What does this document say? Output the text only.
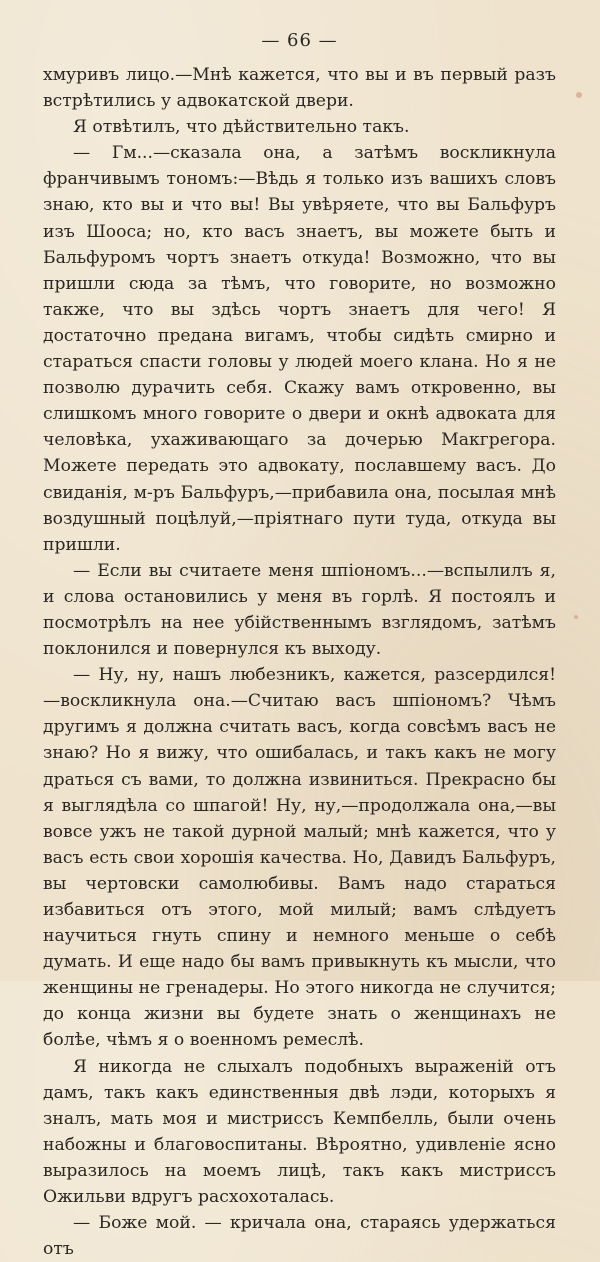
— 66 —

хмуривъ лицо.—Мнѣ кажется, что вы и въ первый разъ встрѣтились у адвокатской двери.

Я отвѣтилъ, что дѣйствительно такъ.

— Гм...—сказала она, а затѣмъ воскликнула франчивымъ тономъ:—Вѣдь я только изъ вашихъ словъ знаю, кто вы и что вы! Вы увѣряете, что вы Бальфуръ изъ Шооса; но, кто васъ знаетъ, вы можете быть и Бальфуромъ чортъ знаетъ откуда! Возможно, что вы пришли сюда за тѣмъ, что говорите, но возможно также, что вы здѣсь чортъ знаетъ для чего! Я достаточно предана вигамъ, чтобы сидѣть смирно и стараться спасти головы у людей моего клана. Но я не позволю дурачить себя. Скажу вамъ откровенно, вы слишкомъ много говорите о двери и окнѣ адвоката для человѣка, ухаживающаго за дочерью Макгрегора. Можете передать это адвокату, пославшему васъ. До свиданія, м-ръ Бальфуръ,—прибавила она, посылая мнѣ воздушный поцѣлуй,—пріятнаго пути туда, откуда вы пришли.

— Если вы считаете меня шпіономъ...—вспылилъ я, и слова остановились у меня въ горлѣ. Я постоялъ и посмотрѣлъ на нее убійственнымъ взглядомъ, затѣмъ поклонился и повернулся къ выходу.

— Ну, ну, нашъ любезникъ, кажется, разсердился!—воскликнула она.—Считаю васъ шпіономъ? Чѣмъ другимъ я должна считать васъ, когда совсѣмъ васъ не знаю? Но я вижу, что ошибалась, и такъ какъ не могу драться съ вами, то должна извиниться. Прекрасно бы я выглядѣла со шпагой! Ну, ну,—продолжала она,—вы вовсе ужъ не такой дурной малый; мнѣ кажется, что у васъ есть свои хорошія качества. Но, Давидъ Бальфуръ, вы чертовски самолюбивы. Вамъ надо стараться избавиться отъ этого, мой милый; вамъ слѣдуетъ научиться гнуть спину и немного меньше о себѣ думать. И еще надо бы вамъ привыкнуть къ мысли, что женщины не гренадеры. Но этого никогда не случится; до конца жизни вы будете знать о женщинахъ не болѣе, чѣмъ я о военномъ ремеслѣ.

Я никогда не слыхалъ подобныхъ выраженій отъ дамъ, такъ какъ единственныя двѣ лэди, которыхъ я зналъ, мать моя и мистриссъ Кемпбелль, были очень набожны и благовоспитаны. Вѣроятно, удивленіе ясно выразилось на моемъ лицѣ, такъ какъ мистриссъ Ожильви вдругъ расхохоталась.

— Боже мой. — кричала она, стараясь удержаться отъ
